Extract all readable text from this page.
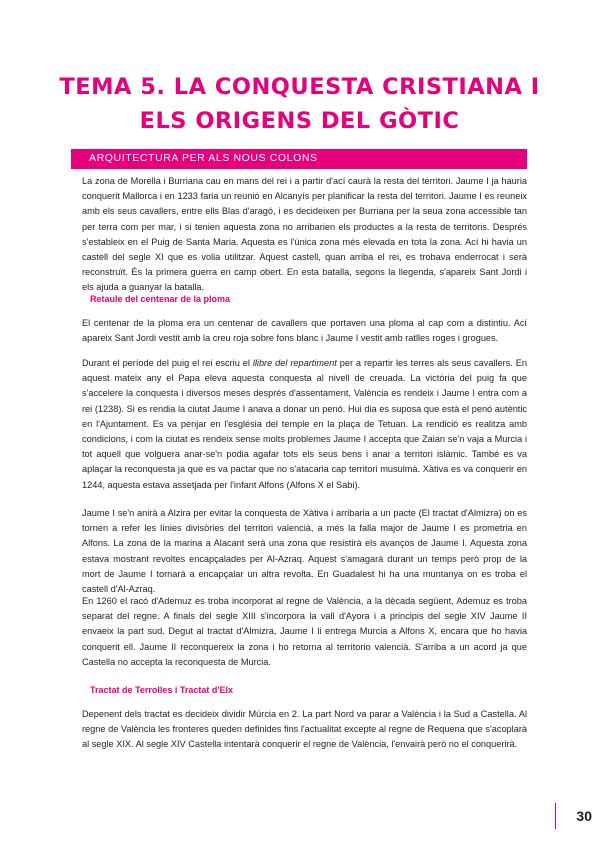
TEMA 5. LA CONQUESTA CRISTIANA I
ELS ORIGENS DEL GÒTIC
ARQUITECTURA PER ALS NOUS COLONS

La zona de Morella i Burriana cau en mans del rei i a partir d'ací caurà la resta del territori. Jaume I ja hauria conquerit Mallorca i en 1233 faria un reunió en Alcanyís per planificar la resta del territori. Jaume I es reuneix amb els seus cavallers, entre ells Blas d'aragó, i es decideixen per Burriana per la seua zona accessible tan per terra com per mar, i si tenien aquesta zona no arribarien els productes a la resta de territoris. Després s'estableix en el Puig de Santa Maria. Aquesta es l'única zona més elevada en tota la zona. Ací hi havia un castell del segle XI que es volia utilitzar. Aquest castell, quan arriba el rei, es trobava enderrocat i serà reconstruït. És la primera guerra en camp obert. En esta batalla, segons la llegenda, s'apareix Sant Jordi i els ajuda a guanyar la batalla.

Retaule del centenar de la ploma

El centenar de la ploma era un centenar de cavallers que portaven una ploma al cap com a distintiu. Ací apareix Sant Jordi vestit amb la creu roja sobre fons blanc i Jaume I vestit amb ratlles roges i grogues.

Durant el període del puig el rei escriu el llibre del repartiment per a repartir les terres als seus cavallers. En aquest mateix any el Papa eleva aquesta conquesta al nivell de creuada. La victòria del puig fa que s'accelere la conquesta i diversos meses després d'assentament, València es rendeix i Jaume I entra com a rei (1238). Si es rendia la ciutat Jaume I anava a donar un penó. Hui dia es suposa que està el penó autèntic en l'Ajuntament. Es va penjar en l'església del temple en la plaça de Tetuan. La rendició es realitza amb condicions, i com la ciutat es rendeix sense molts problemes Jaume I accepta que Zaian se'n vaja a Murcia i tot aquell que volguera anar-se'n podia agafar tots els seus bens i anar a territori islàmic. També es va aplaçar la reconquesta ja que es va pactar que no s'atacaria cap territori musulmà. Xàtiva es va conquerir en 1244, aquesta estava assetjada per l'infant Alfons (Alfons X el Sabi).

Jaume I se'n anirà a Alzira per evitar la conquesta de Xàtiva i arribaria a un pacte (El tractat d'Almizra) on es tornen a refer les línies divisòries del territori valencià, a més la falla major de Jaume I es prometria en Alfons. La zona de la marina a Alacant serà una zona que resistirà els avanços de Jaume I. Aquesta zona estava mostrant revoltes encapçalades per Al-Azraq. Aquest s'amagarà durant un temps però prop de la mort de Jaume I tornarà a encapçalar un altra revolta. En Guadalest hi ha una muntanya on es troba el castell d'Al-Azraq.

En 1260 el racó d'Ademuz es troba incorporat al regne de València, a la dècada següent, Ademuz es troba separat del regne. A finals del segle XIII s'incorpora la vall d'Ayora i a principis del segle XIV Jaume II envaeix la part sud. Degut al tractat d'Almizra, Jaume I li entrega Murcia a Alfons X, encara que ho havia conquerit ell. Jaume II reconquereix la zona i ho retorna al territorio valencià. S'arriba a un acord ja que Castella no accepta la reconquesta de Murcia.

Tractat de Terrolles i Tractat d'Elx

Depenent dels tractat es decideix dividir Múrcia en 2. La part Nord va parar a València i la Sud a Castella. Al regne de València les fronteres queden definides fins l'actualitat excepte al regne de Requena que s'acoplarà al segle XIX. Al segle XIV Castella intentarà conquerir el regne de València, l'envairà però no el conquerirà.

30
